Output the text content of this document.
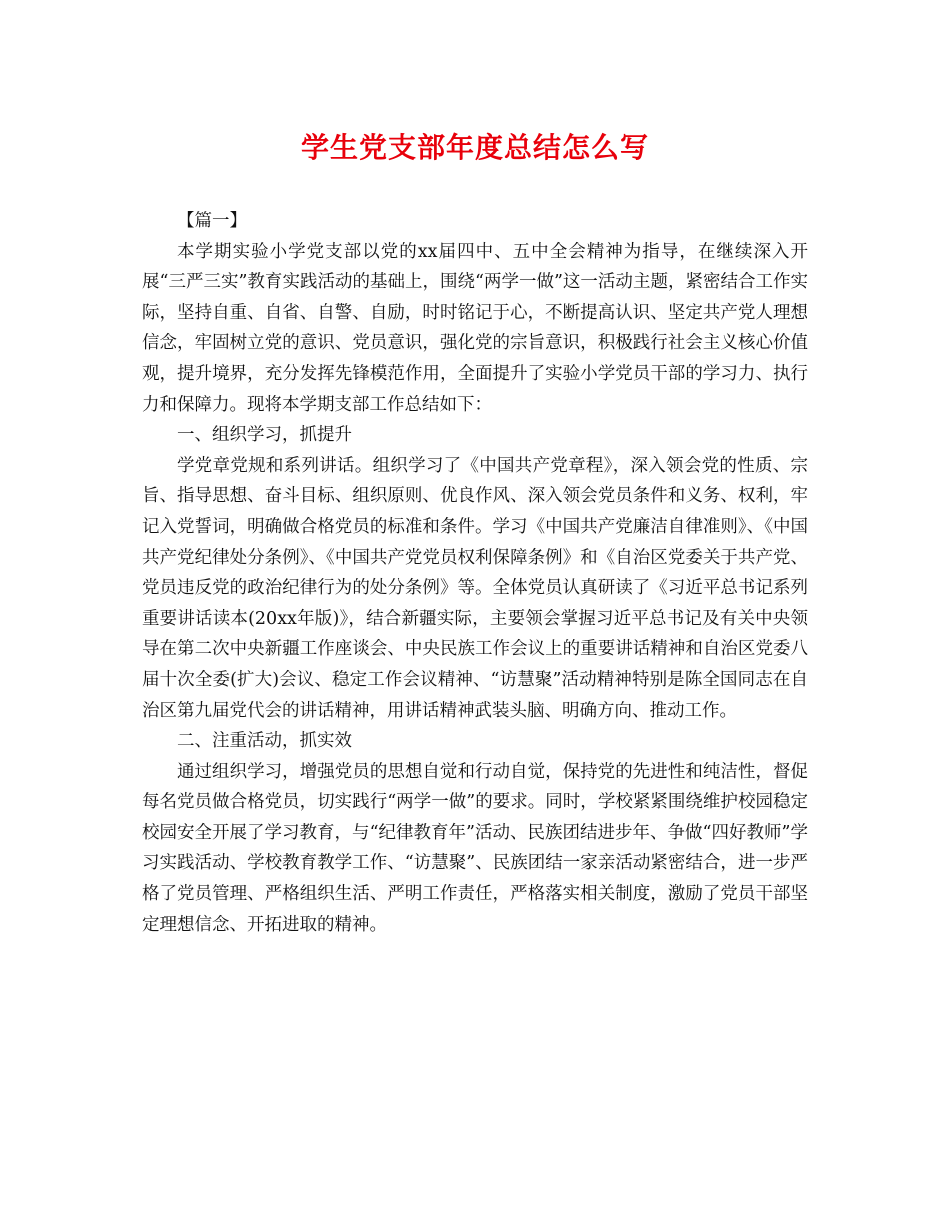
学生党支部年度总结怎么写

【篇一】

本学期实验小学党支部以党的xx届四中、五中全会精神为指导，在继续深入开展“三严三实”教育实践活动的基础上，围绕“两学一做”这一活动主题，紧密结合工作实际，坚持自重、自省、自警、自励，时时铭记于心，不断提高认识、坚定共产党人理想信念，牢固树立党的意识、党员意识，强化党的宗旨意识，积极践行社会主义核心价值观，提升境界，充分发挥先锋模范作用，全面提升了实验小学党员干部的学习力、执行力和保障力。现将本学期支部工作总结如下：

一、组织学习，抓提升

学党章党规和系列讲话。组织学习了《中国共产党章程》，深入领会党的性质、宗旨、指导思想、奋斗目标、组织原则、优良作风、深入领会党员条件和义务、权利，牢记入党誓词，明确做合格党员的标准和条件。学习《中国共产党廉洁自律准则》、《中国共产党纪律处分条例》、《中国共产党党员权利保障条例》和《自治区党委关于共产党、党员违反党的政治纪律行为的处分条例》等。全体党员认真研读了《习近平总书记系列重要讲话读本(20xx年版)》，结合新疆实际，主要领会掌握习近平总书记及有关中央领导在第二次中央新疆工作座谈会、中央民族工作会议上的重要讲话精神和自治区党委八届十次全委(扩大)会议、稳定工作会议精神、“访慧聚”活动精神特别是陈全国同志在自治区第九届党代会的讲话精神，用讲话精神武装头脑、明确方向、推动工作。

二、注重活动，抓实效

通过组织学习，增强党员的思想自觉和行动自觉，保持党的先进性和纯洁性，督促每名党员做合格党员，切实践行“两学一做”的要求。同时，学校紧紧围绕维护校园稳定校园安全开展了学习教育，与“纪律教育年”活动、民族团结进步年、争做“四好教师”学习实践活动、学校教育教学工作、“访慧聚”、民族团结一家亲活动紧密结合，进一步严格了党员管理、严格组织生活、严明工作责任，严格落实相关制度，激励了党员干部坚定理想信念、开拓进取的精神。
